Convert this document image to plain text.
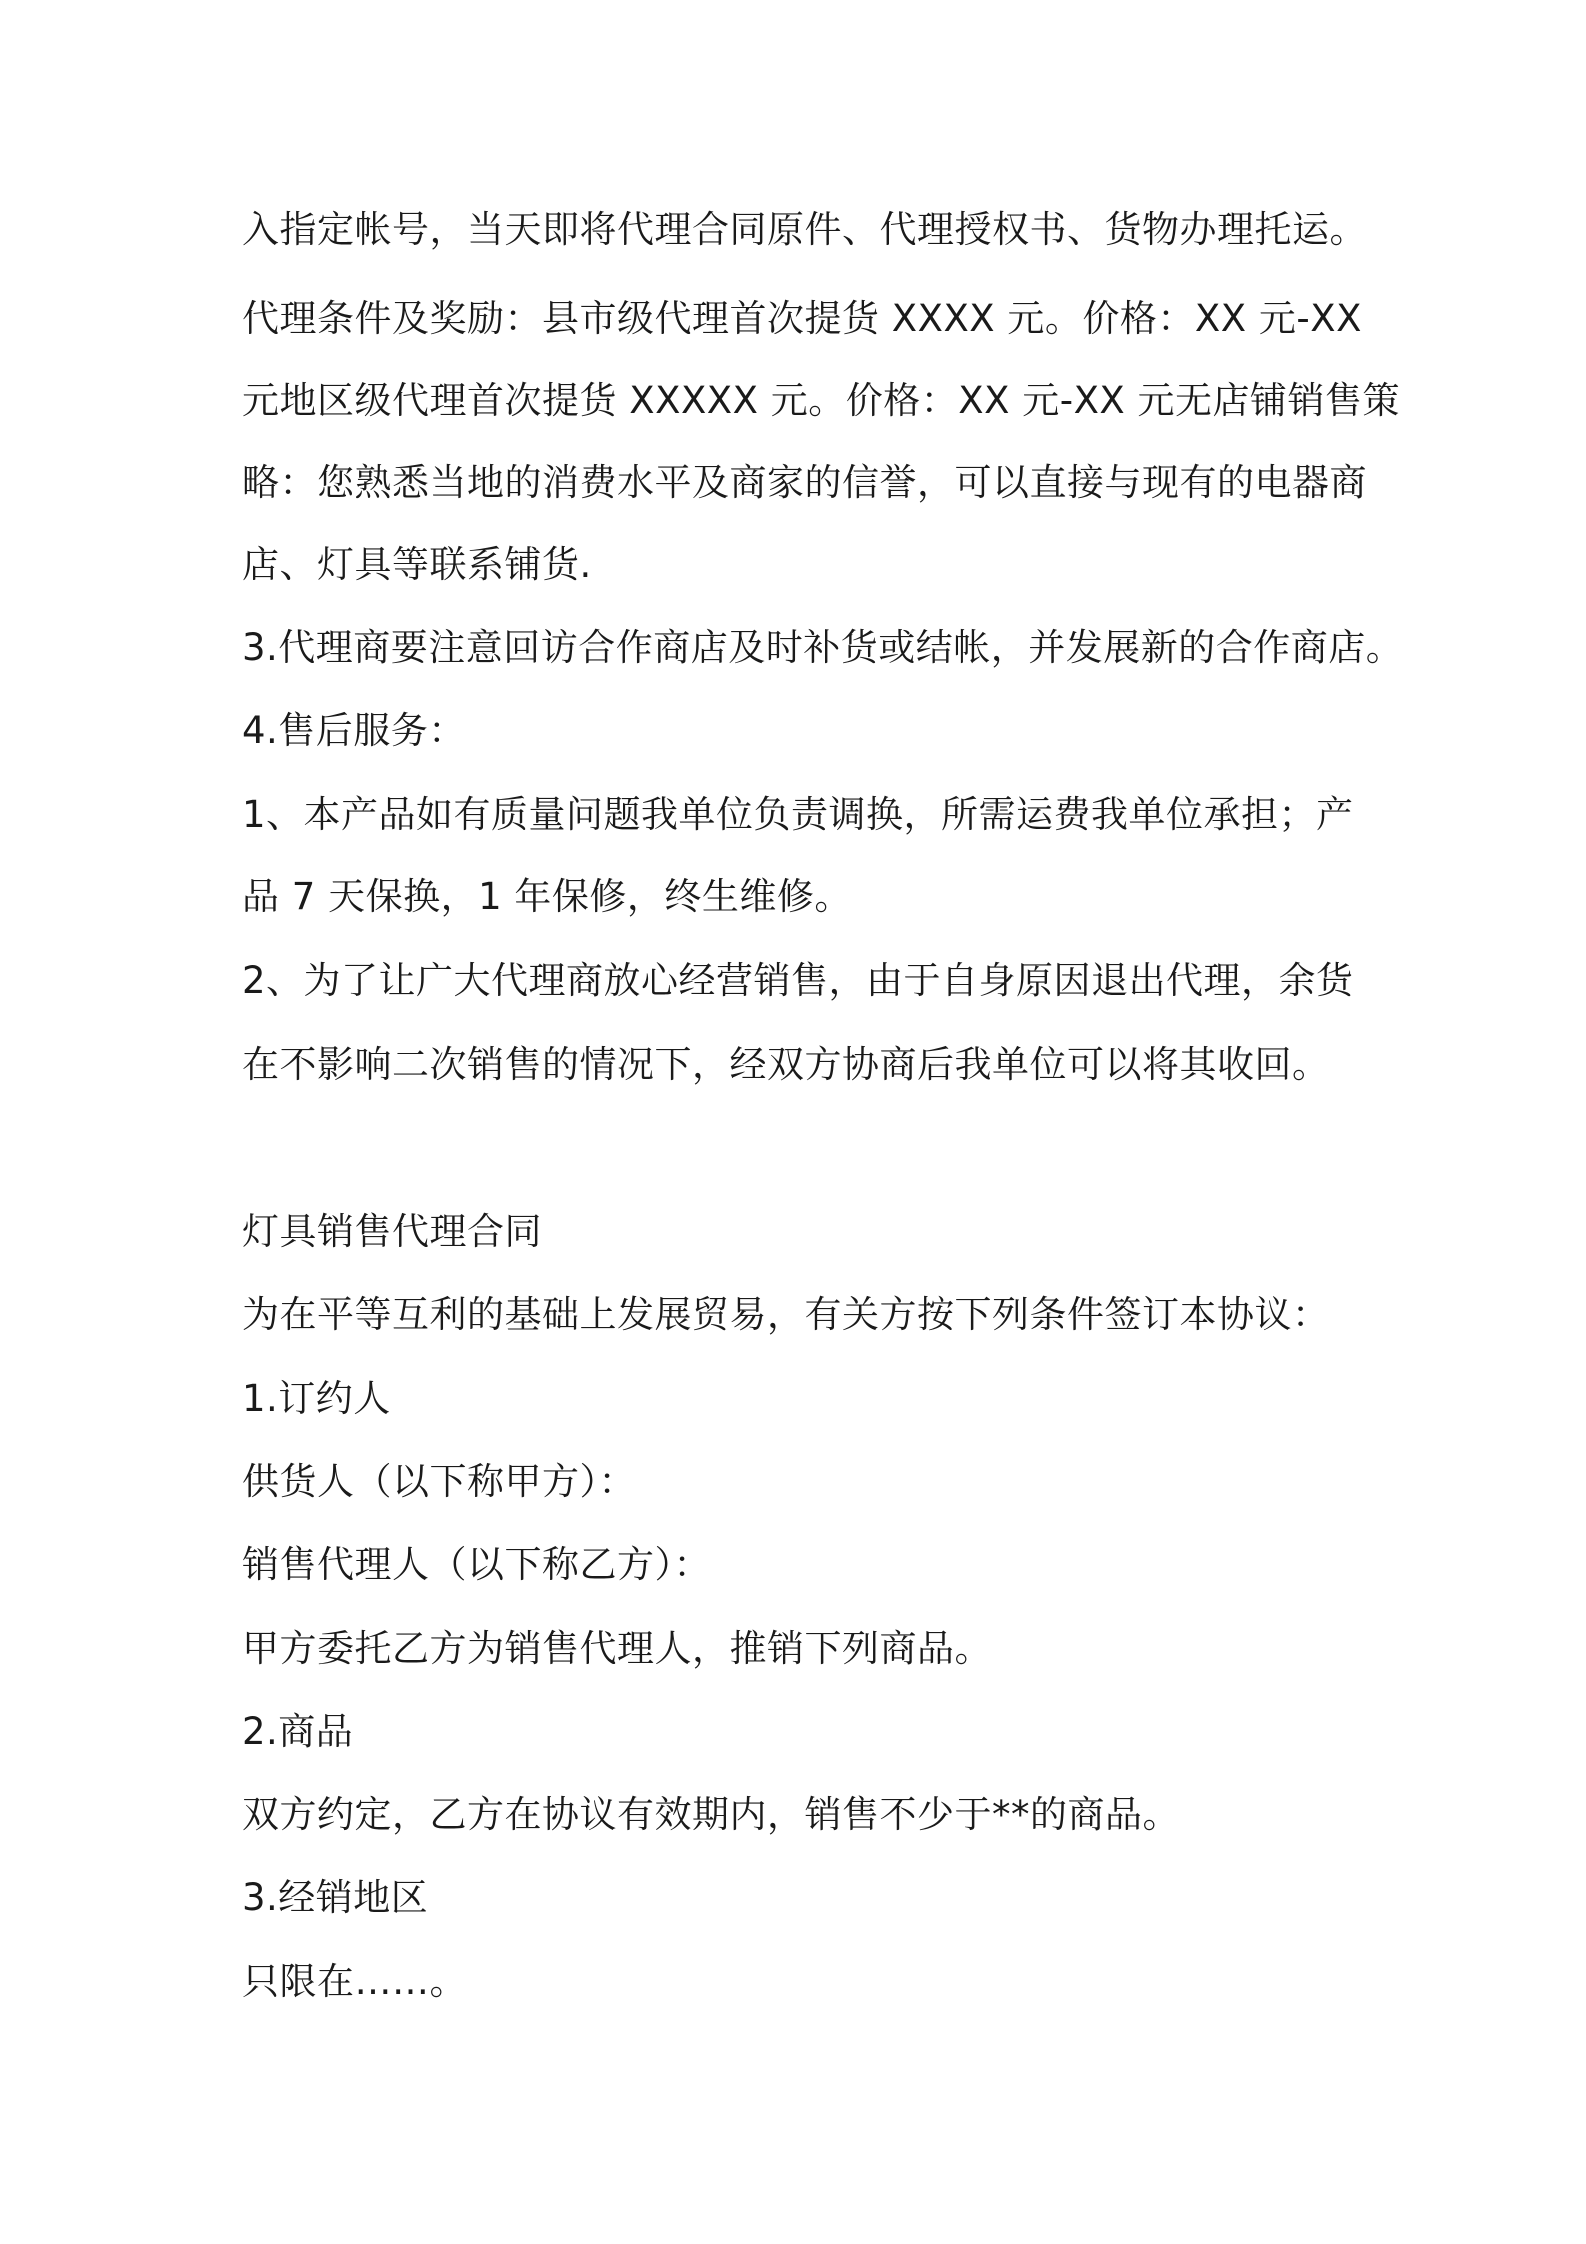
入指定帐号，当天即将代理合同原件、代理授权书、货物办理托运。

代理条件及奖励：县市级代理首次提货 XXXX 元。价格：XX 元-XX

元地区级代理首次提货 XXXXX 元。价格：XX 元-XX 元无店铺销售策

略：您熟悉当地的消费水平及商家的信誉，可以直接与现有的电器商

店、灯具等联系铺货.

3.代理商要注意回访合作商店及时补货或结帐，并发展新的合作商店。

4.售后服务：

1、本产品如有质量问题我单位负责调换，所需运费我单位承担；产

品 7 天保换，1 年保修，终生维修。

2、为了让广大代理商放心经营销售，由于自身原因退出代理，余货

在不影响二次销售的情况下，经双方协商后我单位可以将其收回。

灯具销售代理合同

为在平等互利的基础上发展贸易，有关方按下列条件签订本协议：

1.订约人

供货人（以下称甲方）：

销售代理人（以下称乙方）：

甲方委托乙方为销售代理人，推销下列商品。

2.商品

双方约定，乙方在协议有效期内，销售不少于**的商品。

3.经销地区

只限在……。
